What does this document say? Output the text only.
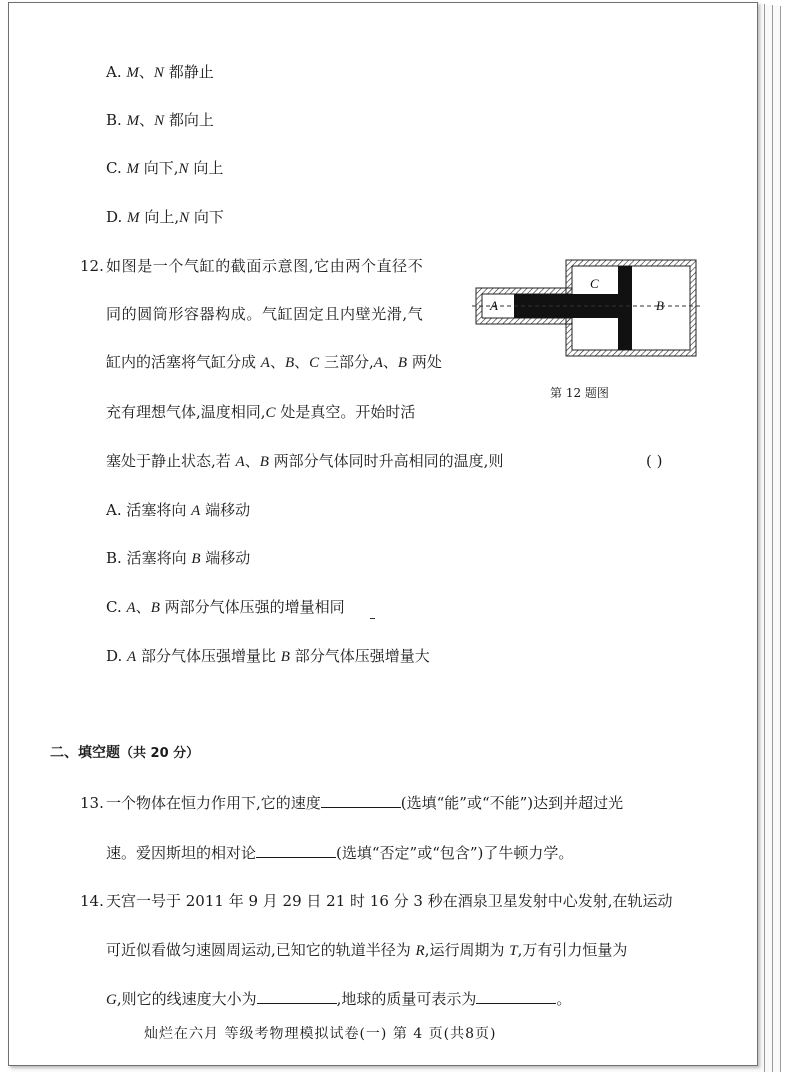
A. M、N 都静止
B. M、N 都向上
C. M 向下,N 向上
D. M 向上,N 向下
12. 如图是一个气缸的截面示意图,它由两个直径不
同的圆筒形容器构成。气缸固定且内壁光滑,气
缸内的活塞将气缸分成 A、B、C 三部分,A、B 两处
充有理想气体,温度相同,C 处是真空。开始时活
塞处于静止状态,若 A、B 两部分气体同时升高相同的温度,则	( )
A
C
B
第 12 题图
A. 活塞将向 A 端移动
B. 活塞将向 B 端移动
C. A、B 两部分气体压强的增量相同
D. A 部分气体压强增量比 B 部分气体压强增量大
二、填空题（共 20 分）
13. 一个物体在恒力作用下,它的速度	(选填“能”或“不能”)达到并超过光
速。爱因斯坦的相对论	(选填“否定”或“包含”)了牛顿力学。
14. 天宫一号于 2011 年 9 月 29 日 21 时 16 分 3 秒在酒泉卫星发射中心发射,在轨运动
可近似看做匀速圆周运动,已知它的轨道半径为 R,运行周期为 T,万有引力恒量为
G,则它的线速度大小为	,地球的质量可表示为	。
灿烂在六月 等级考物理模拟试卷(一) 第 4 页(共8页)
